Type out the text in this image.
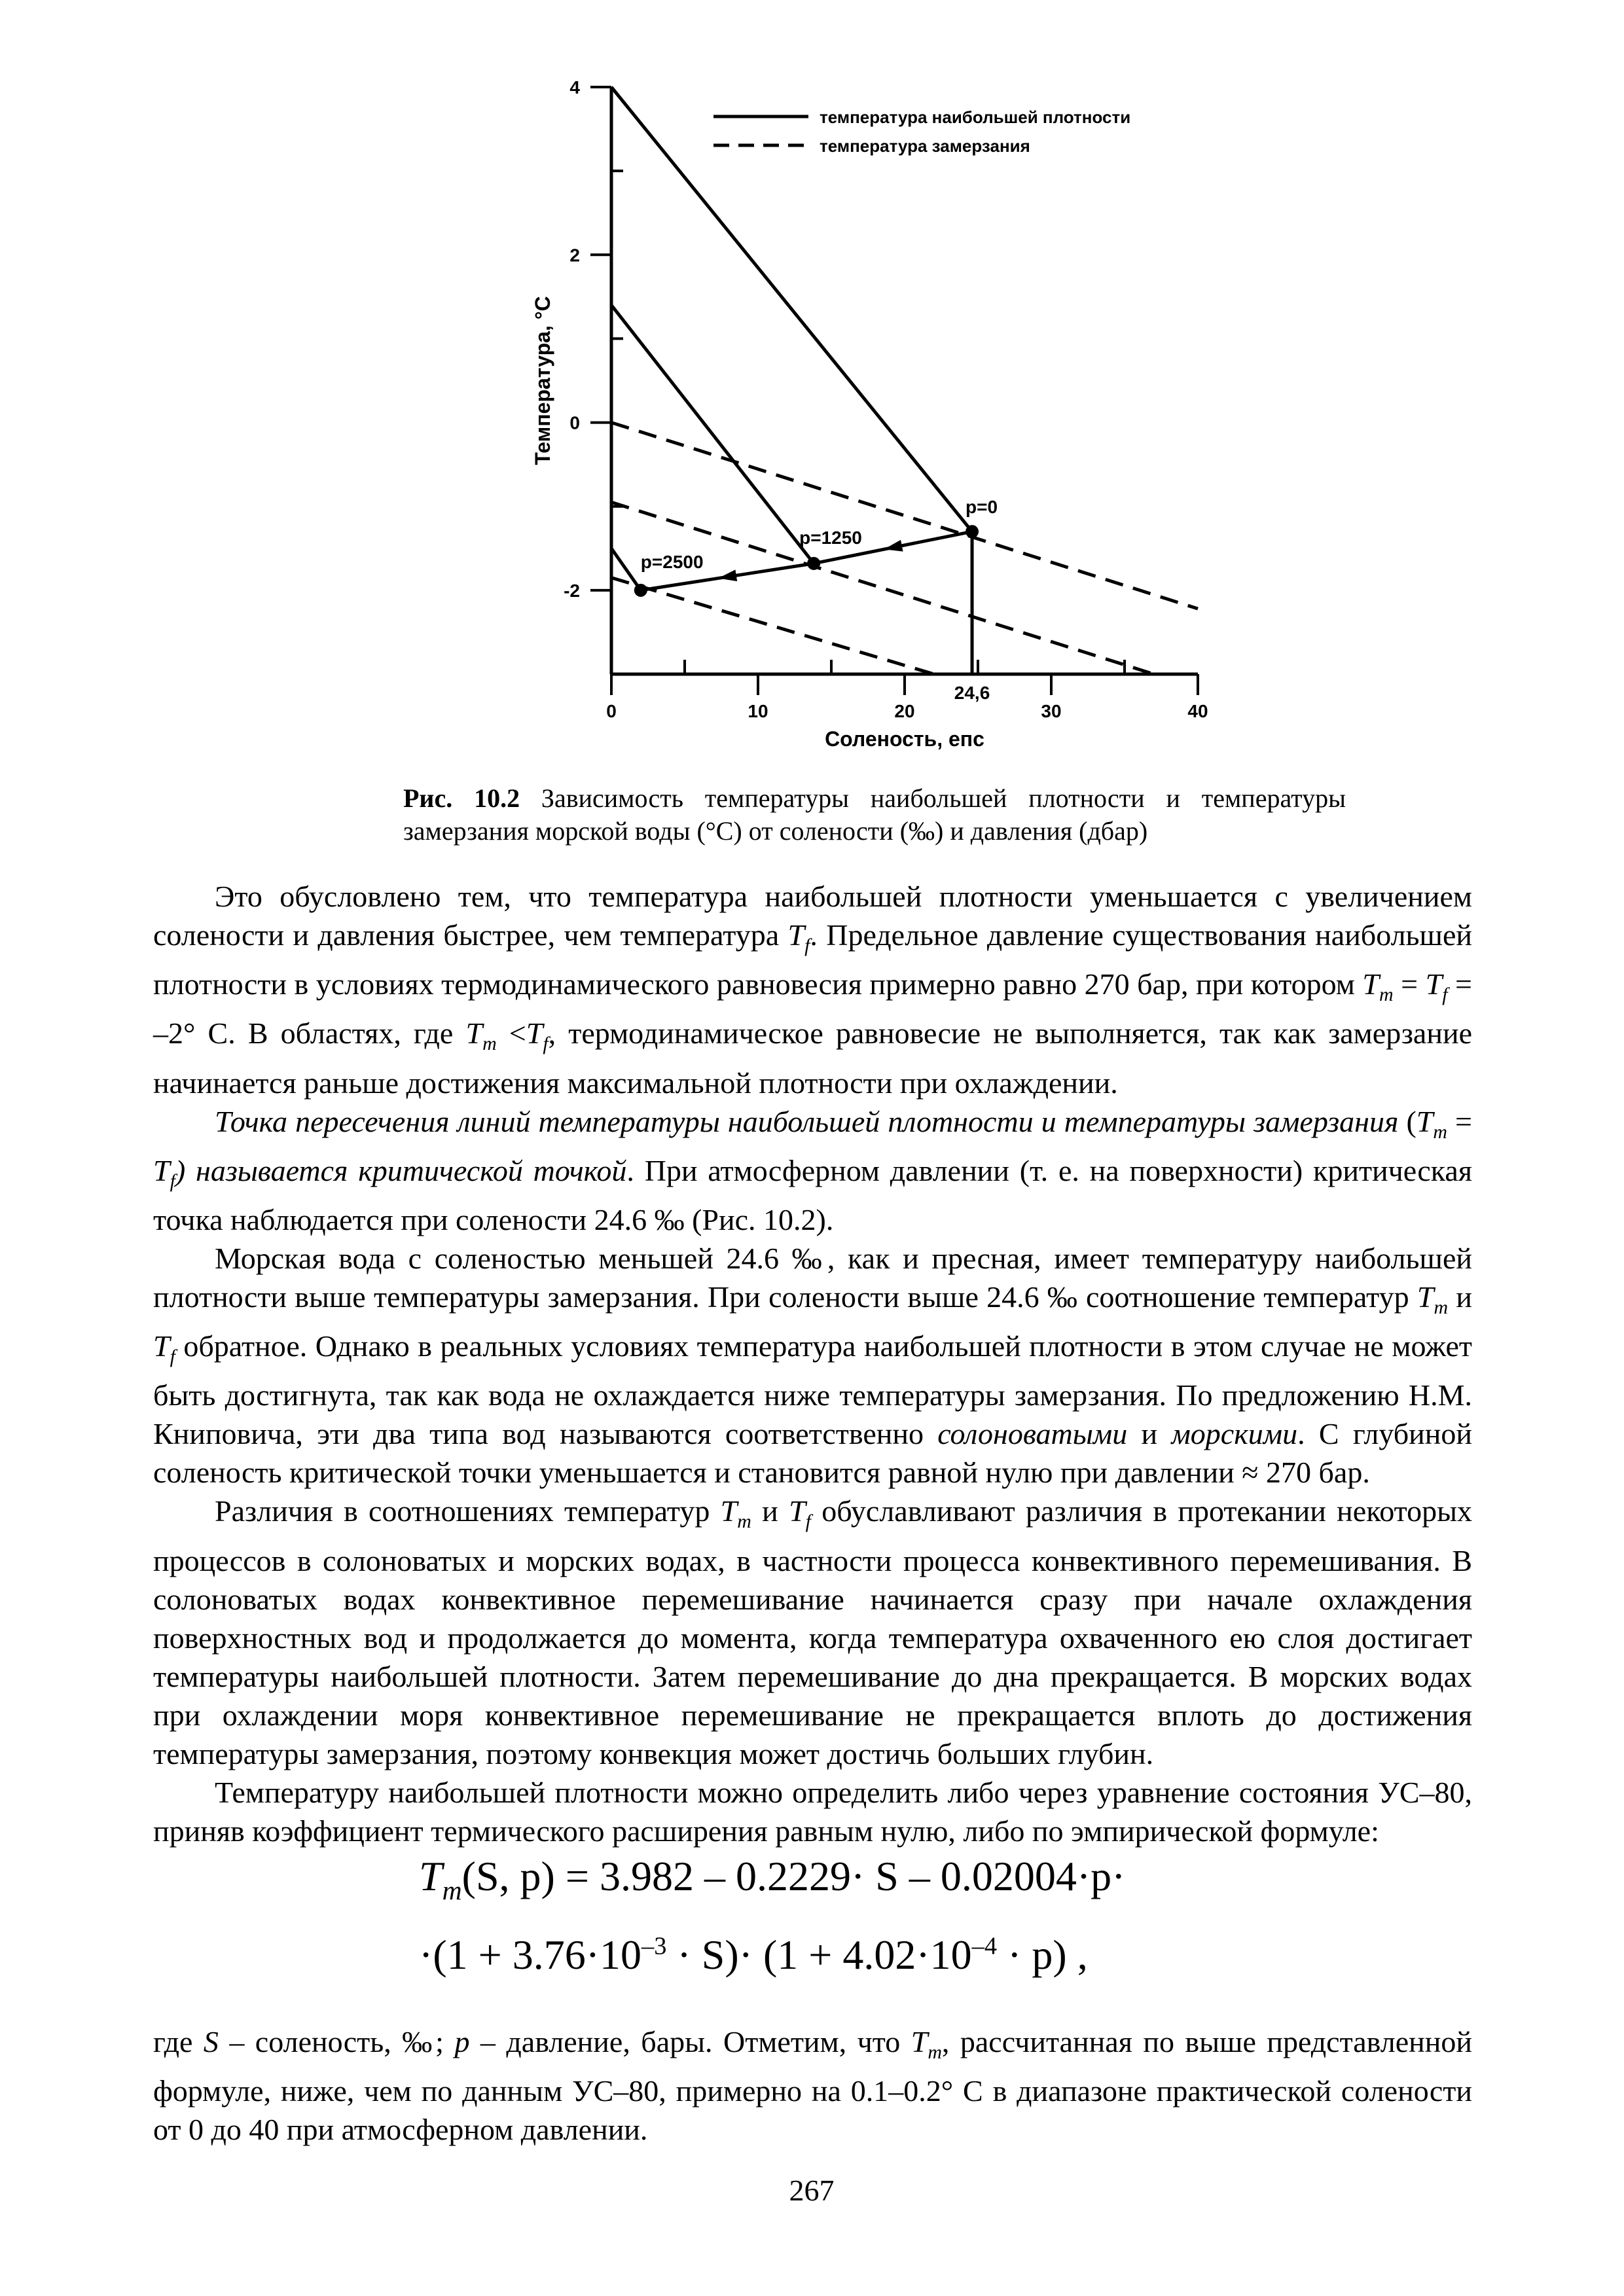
-2
0
2
4
0	10	20	30	40
Соленость, епс
Температура, °С
p=0
p=1250
p=2500
24,6
температура наибольшей плотности
температура замерзания
Рис. 10.2 Зависимость температуры наибольшей плотности и температуры замерзания морской воды (°С) от солености (‰) и давления (дбар)

Это обусловлено тем, что температура наибольшей плотности уменьшается с увеличением солености и давления быстрее, чем температура $T_f$. Предельное давление существования наибольшей плотности в условиях термодинамического равновесия примерно равно 270 бар, при котором $T_m = T_f = -2^\circ$ С. В областях, где $T_m <T_f$, термодинамическое равновесие не выполняется, так как замерзание начинается раньше достижения максимальной плотности при охлаждении.

Точка пересечения линий температуры наибольшей плотности и температуры замерзания $(T_m = T_f)$ называется критической точкой. При атмосферном давлении (т. е. на поверхности) критическая точка наблюдается при солености 24.6 ‰ (Рис. 10.2).

Морская вода с соленостью меньшей 24.6 ‰, как и пресная, имеет температуру наибольшей плотности выше температуры замерзания. При солености выше 24.6 ‰ соотношение температур $T_m$ и $T_f$ обратное. Однако в реальных условиях температура наибольшей плотности в этом случае не может быть достигнута, так как вода не охлаждается ниже температуры замерзания. По предложению Н.М. Книповича, эти два типа вод называются соответственно солоноватыми и морскими. С глубиной соленость критической точки уменьшается и становится равной нулю при давлении ≈ 270 бар.

Различия в соотношениях температур $T_m$ и $T_f$ обуславливают различия в протекании некоторых процессов в солоноватых и морских водах, в частности процесса конвективного перемешивания. В солоноватых водах конвективное перемешивание начинается сразу при начале охлаждения поверхностных вод и продолжается до момента, когда температура охваченного ею слоя достигает температуры наибольшей плотности. Затем перемешивание до дна прекращается. В морских водах при охлаждении моря конвективное перемешивание не прекращается вплоть до достижения температуры замерзания, поэтому конвекция может достичь больших глубин.

Температуру наибольшей плотности можно определить либо через уравнение состояния УС–80, приняв коэффициент термического расширения равным нулю, либо по эмпирической формуле:

$T_m(S$, p) = 3.982 – 0.2229· S – 0.02004·p·
$\cdot(1 + 3.76\cdot 10^{-3} \cdot S)\cdot (1 + 4.02\cdot 10^{-4} \cdot p)$ ,
где S – соленость, ‰; p – давление, бары. Отметим, что $T_m$, рассчитанная по выше представленной формуле, ниже, чем по данным УС–80, примерно на 0.1–0.2° С в диапазоне практической солености от 0 до 40 при атмосферном давлении.
267
